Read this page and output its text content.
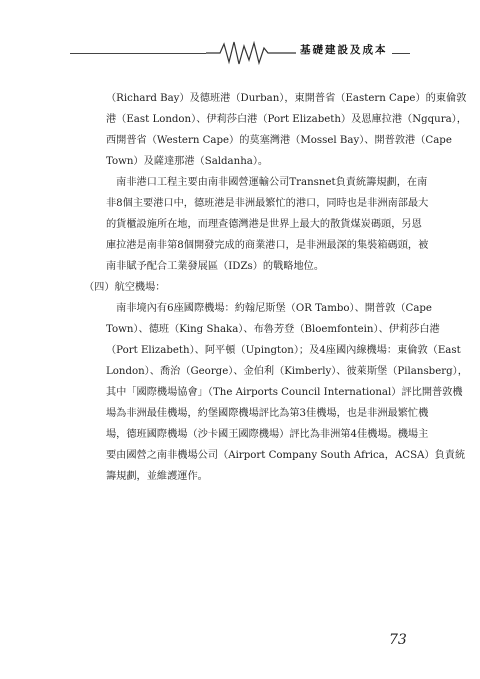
基礎建設及成本
（Richard Bay）及德班港（Durban），東開普省（Eastern Cape）的東倫敦
港（East London）、伊莉莎白港（Port Elizabeth）及恩庫拉港（Ngqura），
西開普省（Western Cape）的莫塞灣港（Mossel Bay）、開普敦港（Cape
Town）及薩達那港（Saldanha）。
　南非港口工程主要由南非國營運輸公司Transnet負責統籌規劃，在南
非8個主要港口中，德班港是非洲最繁忙的港口，同時也是非洲南部最大
的貨櫃設施所在地，而理查德灣港是世界上最大的散貨煤炭碼頭，另恩
庫拉港是南非第8個開發完成的商業港口，是非洲最深的集裝箱碼頭，被
南非賦予配合工業發展區（IDZs）的戰略地位。
（四）航空機場：
　南非境內有6座國際機場：約翰尼斯堡（OR Tambo）、開普敦（Cape
Town）、德班（King Shaka）、布魯芳登（Bloemfontein）、伊莉莎白港
（Port Elizabeth）、阿平頓（Upington）；及4座國內線機場：東倫敦（East
London）、喬治（George）、金伯利（Kimberly）、彼萊斯堡（Pilansberg），
其中「國際機場協會」（The Airports Council International）評比開普敦機
場為非洲最佳機場，約堡國際機場評比為第3佳機場，也是非洲最繁忙機
場，德班國際機場（沙卡國王國際機場）評比為非洲第4佳機場。機場主
要由國營之南非機場公司（Airport Company South Africa，ACSA）負責統
籌規劃，並維護運作。
73
